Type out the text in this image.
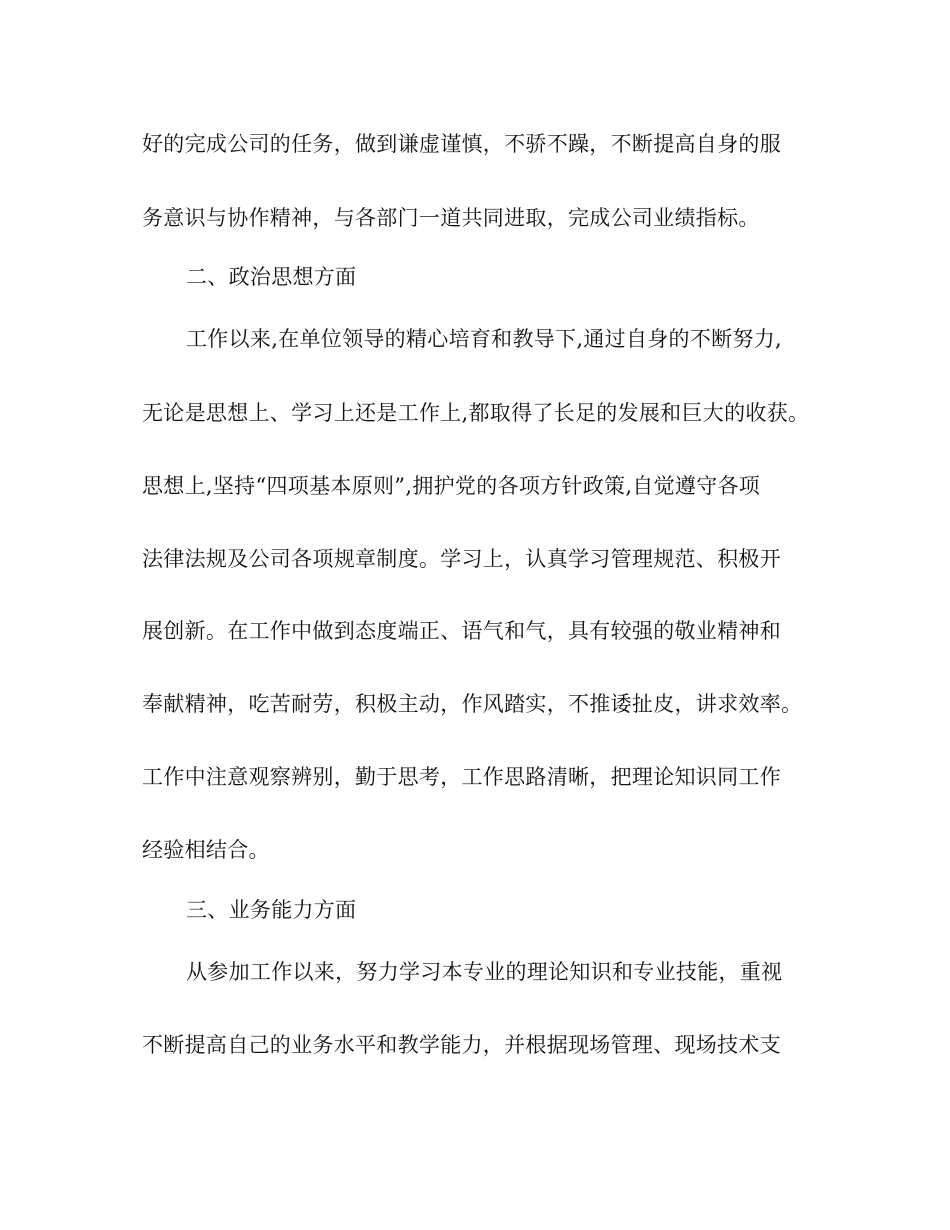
好的完成公司的任务，做到谦虚谨慎，不骄不躁，不断提高自身的服
务意识与协作精神，与各部门一道共同进取，完成公司业绩指标。
二、政治思想方面
工作以来,在单位领导的精心培育和教导下,通过自身的不断努力,
无论是思想上、学习上还是工作上,都取得了长足的发展和巨大的收获。
思想上,坚持“四项基本原则”,拥护党的各项方针政策,自觉遵守各项
法律法规及公司各项规章制度。学习上，认真学习管理规范、积极开
展创新。在工作中做到态度端正、语气和气，具有较强的敬业精神和
奉献精神，吃苦耐劳，积极主动，作风踏实，不推诿扯皮，讲求效率。
工作中注意观察辨别，勤于思考，工作思路清晰，把理论知识同工作
经验相结合。
三、业务能力方面
从参加工作以来，努力学习本专业的理论知识和专业技能，重视
不断提高自己的业务水平和教学能力，并根据现场管理、现场技术支
